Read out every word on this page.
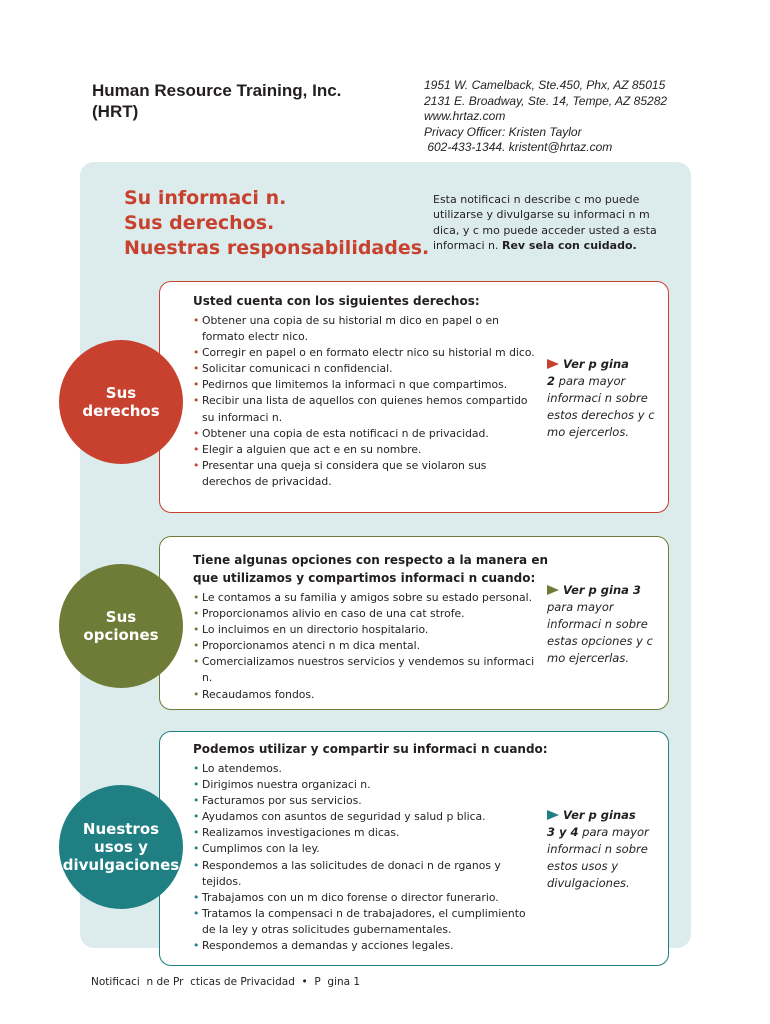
Human Resource Training, Inc.
(HRT)
1951 W. Camelback, Ste.450, Phx, AZ 85015
2131 E. Broadway, Ste. 14, Tempe, AZ 85282
www.hrtaz.com
Privacy Officer: Kristen Taylor
602-433-1344. kristent@hrtaz.com
Su informaci n.
Sus derechos.
Nuestras responsabilidades.
Esta notificaci n describe c mo puede utilizarse y divulgarse su informaci n m dica, y c mo puede acceder usted a esta informaci n. Rev sela con cuidado.
Usted cuenta con los siguientes derechos:
• Obtener una copia de su historial m dico en papel o en formato electr nico.
• Corregir en papel o en formato electr nico su historial m dico.
• Solicitar comunicaci n confidencial.
• Pedirnos que limitemos la informaci n que compartimos.
• Recibir una lista de aquellos con quienes hemos compartido su informaci n.
• Obtener una copia de esta notificaci n de privacidad.
• Elegir a alguien que act e en su nombre.
• Presentar una queja si considera que se violaron sus derechos de privacidad.
Ver p gina
2 para mayor informaci n sobre estos derechos y c mo ejercerlos.
Sus
derechos
Tiene algunas opciones con respecto a la manera en que utilizamos y compartimos informaci n cuando:
• Le contamos a su familia y amigos sobre su estado personal.
• Proporcionamos alivio en caso de una cat strofe.
• Lo incluimos en un directorio hospitalario.
• Proporcionamos atenci n m dica mental.
• Comercializamos nuestros servicios y vendemos su informaci n.
• Recaudamos fondos.
Ver p gina 3
para mayor informaci n sobre estas opciones y c mo ejercerlas.
Sus
opciones
Podemos utilizar y compartir su informaci n cuando:
• Lo atendemos.
• Dirigimos nuestra organizaci n.
• Facturamos por sus servicios.
• Ayudamos con asuntos de seguridad y salud p blica.
• Realizamos investigaciones m dicas.
• Cumplimos con la ley.
• Respondemos a las solicitudes de donaci n de rganos y tejidos.
• Trabajamos con un m dico forense o director funerario.
• Tratamos la compensaci n de trabajadores, el cumplimiento de la ley y otras solicitudes gubernamentales.
• Respondemos a demandas y acciones legales.
Ver p ginas
3 y 4 para mayor informaci n sobre estos usos y divulgaciones.
Nuestros
usos y
divulgaciones
Notificaci  n de Pr  cticas de Privacidad  •  P  gina 1
